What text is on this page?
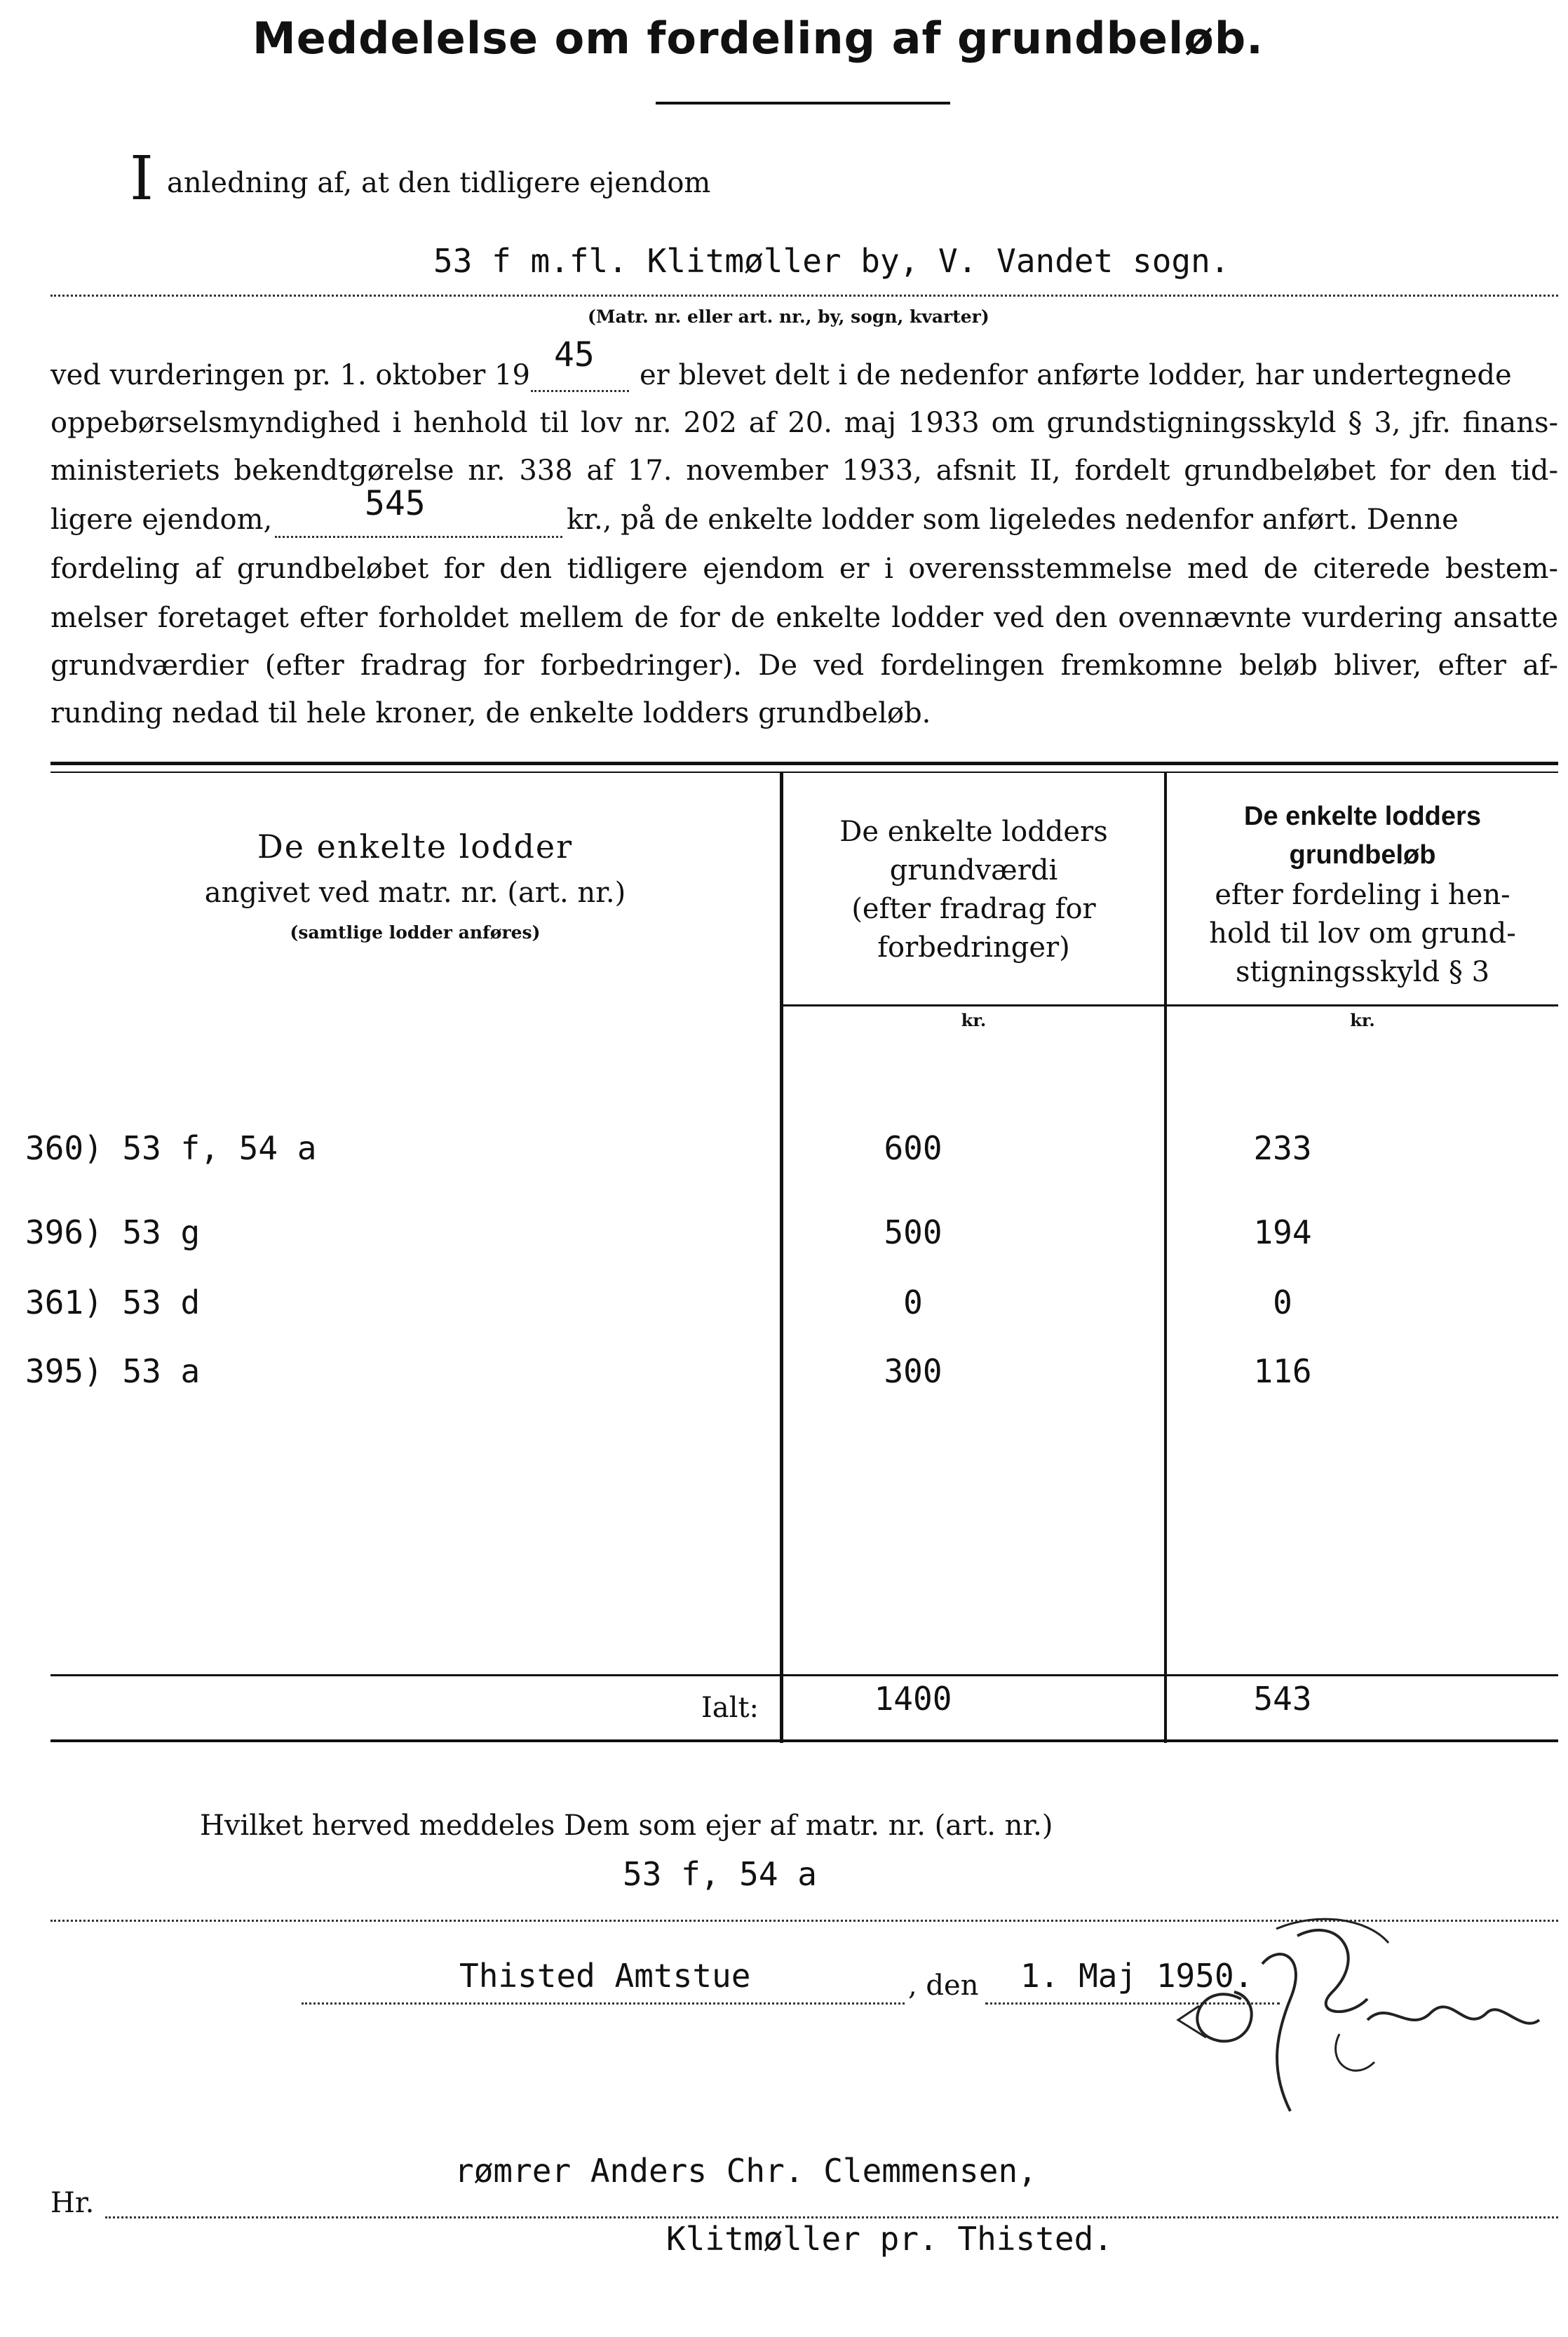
Meddelelse om fordeling af grundbeløb.
I anledning af, at den tidligere ejendom
53 f m.fl. Klitmøller by, V. Vandet sogn.
(Matr. nr. eller art. nr., by, sogn, kvarter)
ved vurderingen pr. 1. oktober 19
45
er blevet delt i de nedenfor anførte lodder, har undertegnede
oppebørselsmyndighed i henhold til lov nr. 202 af 20. maj 1933 om grundstigningsskyld § 3, jfr. finans-
ministeriets bekendtgørelse nr. 338 af 17. november 1933, afsnit II, fordelt grundbeløbet for den tid-
ligere ejendom,	545	kr., på de enkelte lodder som ligeledes nedenfor anført. Denne
fordeling af grundbeløbet for den tidligere ejendom er i overensstemmelse med de citerede bestem-
melser foretaget efter forholdet mellem de for de enkelte lodder ved den ovennævnte vurdering ansatte
grundværdier (efter fradrag for forbedringer). De ved fordelingen fremkomne beløb bliver, efter af-
runding nedad til hele kroner, de enkelte lodders grundbeløb.
De enkelte lodder
angivet ved matr. nr. (art. nr.)
(samtlige lodder anføres)
De enkelte lodders
grundværdi
(efter fradrag for
forbedringer)
kr.
De enkelte lodders
grundbeløb
efter fordeling i hen-
hold til lov om grund-
stigningsskyld § 3
kr.
360) 53 f, 54 a	600	233
396) 53 g	500	194
361) 53 d	0	0
395) 53 a	300	116
Ialt:	1400	543
Hvilket herved meddeles Dem som ejer af matr. nr. (art. nr.)
53 f, 54 a
Thisted Amtstue	, den 1. Maj 1950.
Hr.
rømrer Anders Chr. Clemmensen,
Klitmøller pr. Thisted.
